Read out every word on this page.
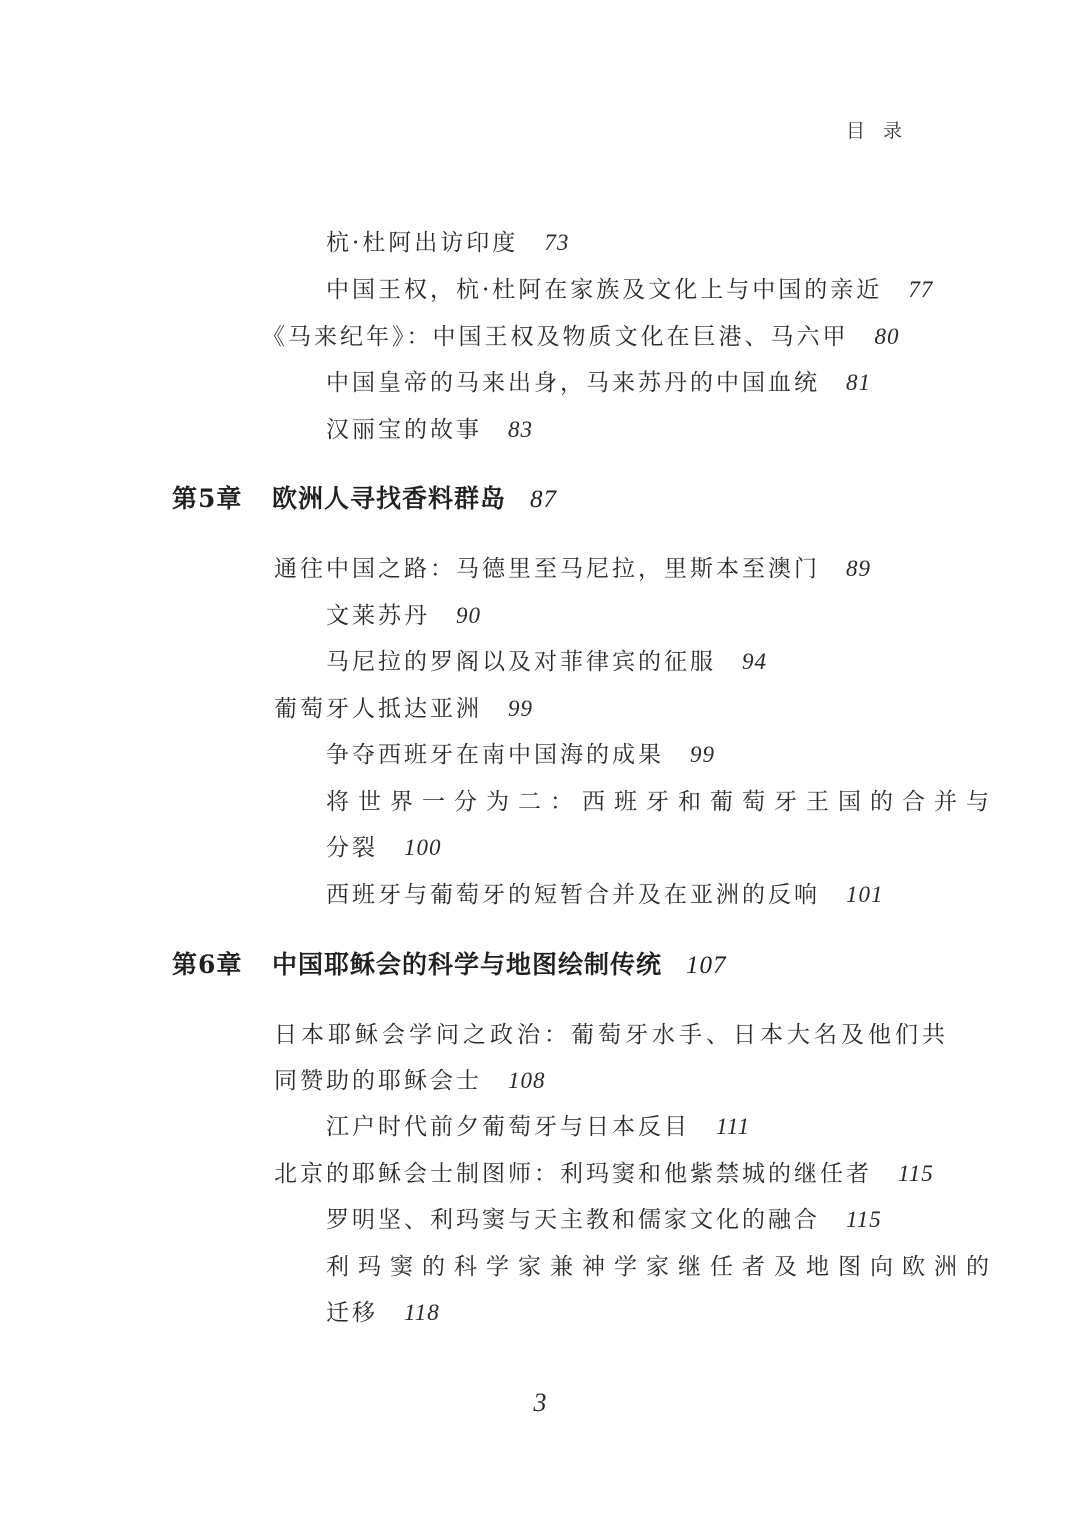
目 录
杭·杜阿出访印度 73
中国王权，杭·杜阿在家族及文化上与中国的亲近 77
《马来纪年》：中国王权及物质文化在巨港、马六甲 80
中国皇帝的马来出身，马来苏丹的中国血统 81
汉丽宝的故事 83
第5章 欧洲人寻找香料群岛 87
通往中国之路：马德里至马尼拉，里斯本至澳门 89
文莱苏丹 90
马尼拉的罗阁以及对菲律宾的征服 94
葡萄牙人抵达亚洲 99
争夺西班牙在南中国海的成果 99
将世界一分为二：西班牙和葡萄牙王国的合并与
分裂 100
西班牙与葡萄牙的短暂合并及在亚洲的反响 101
第6章 中国耶稣会的科学与地图绘制传统 107
日本耶稣会学问之政治：葡萄牙水手、日本大名及他们共
同赞助的耶稣会士 108
江户时代前夕葡萄牙与日本反目 111
北京的耶稣会士制图师：利玛窦和他紫禁城的继任者 115
罗明坚、利玛窦与天主教和儒家文化的融合 115
利玛窦的科学家兼神学家继任者及地图向欧洲的
迁移 118
3
